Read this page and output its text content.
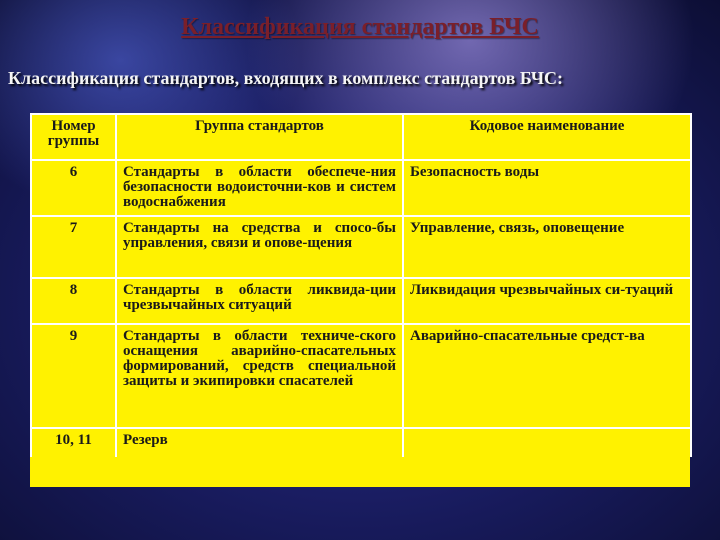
Классификация стандартов БЧС
Классификация стандартов, входящих в комплекс стандартов БЧС:
Номер группы	Группа стандартов	Кодовое наименование
6	Стандарты в области обеспече-ния безопасности водоисточни-ков и систем водоснабжения	Безопасность воды
7	Стандарты на средства и спосо-бы управления, связи и опове-щения	Управление, связь, оповещение
8	Стандарты в области ликвида-ции чрезвычайных ситуаций	Ликвидация чрезвычайных си-туаций
9	Стандарты в области техниче-ского оснащения аварийно-спасательных формирований, средств специальной защиты и экипировки спасателей	Аварийно-спасательные средст-ва
10, 11	Резерв	
